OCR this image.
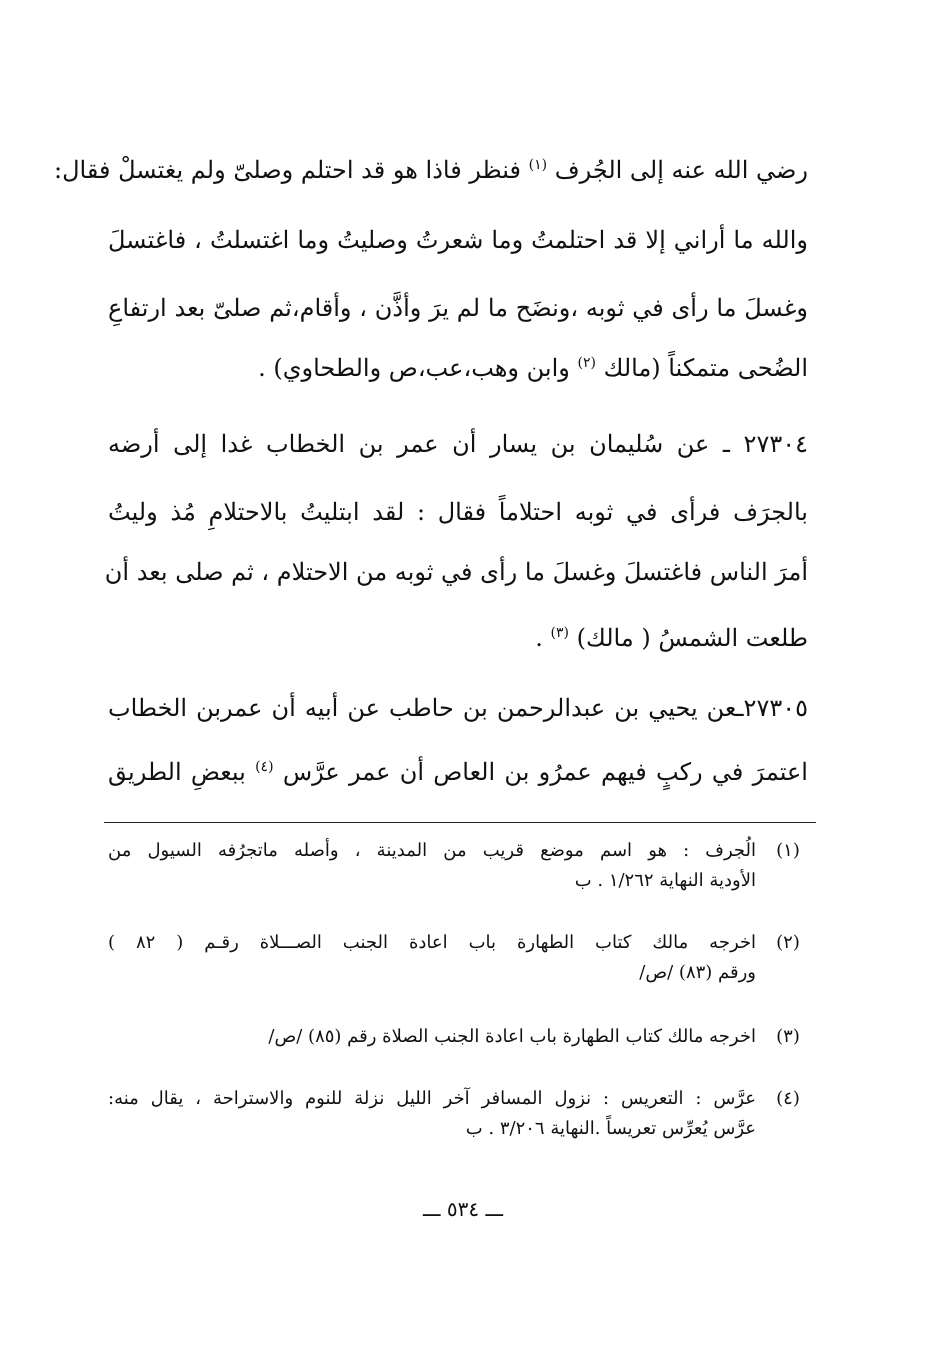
رضي الله عنه إلى الجُرف $^{(١)}$ فنظر فاذا هو قد احتلم وصلىّ ولم يغتسلْ فقال:
والله ما أراني إلا قد احتلمتُ وما شعرتُ وصليتُ وما اغتسلتُ ، فاغتسلَ
وغسلَ ما رأى في ثوبه ،ونضَح ما لم يرَ وأذَّن ، وأقام،ثم صلىّ بعد ارتفاعِ
الضُحى متمكناً (مالك $^{(٢)}$ وابن وهب،عب،ص والطحاوي) .
٢٧٣٠٤ ـ عن سُليمان بن يسار أن عمر بن الخطاب غدا إلى أرضه
بالجرَف فرأى في ثوبه احتلاماً فقال : لقد ابتليتُ بالاحتلامِ مُذ وليتُ
أمرَ الناس فاغتسلَ وغسلَ ما رأى في ثوبه من الاحتلام ، ثم صلى بعد أن
طلعت الشمسُ ( مالك) $^{(٣)}$ .
٢٧٣٠٥ـعن يحيي بن عبدالرحمن بن حاطب عن أبيه أن عمربن الخطاب
اعتمرَ في ركبٍ فيهم عمرُو بن العاص أن عمر عرَّس $^{(٤)}$ ببعضِ الطريق
(١)
الُجرف : هو اسم موضع قريب من المدينة ، وأصله ماتجرُفه السيول من
الأودية النهاية ١/٢٦٢ . ب
(٢)
اخرجه مالك كتاب الطهارة باب اعادة الجنب الصـــلاة رقـم ( ٨٢ )
ورقم (٨٣) /ص/
(٣)
اخرجه مالك كتاب الطهارة باب اعادة الجنب الصلاة رقم (٨٥) /ص/
(٤)
عرَّس : التعريس : نزول المسافر آخر الليل نزلة للنوم والاستراحة ، يقال منه:
عرَّس يُعرِّس تعريساً .النهاية ٣/٢٠٦ . ب
ـــ ٥٣٤ ـــ
